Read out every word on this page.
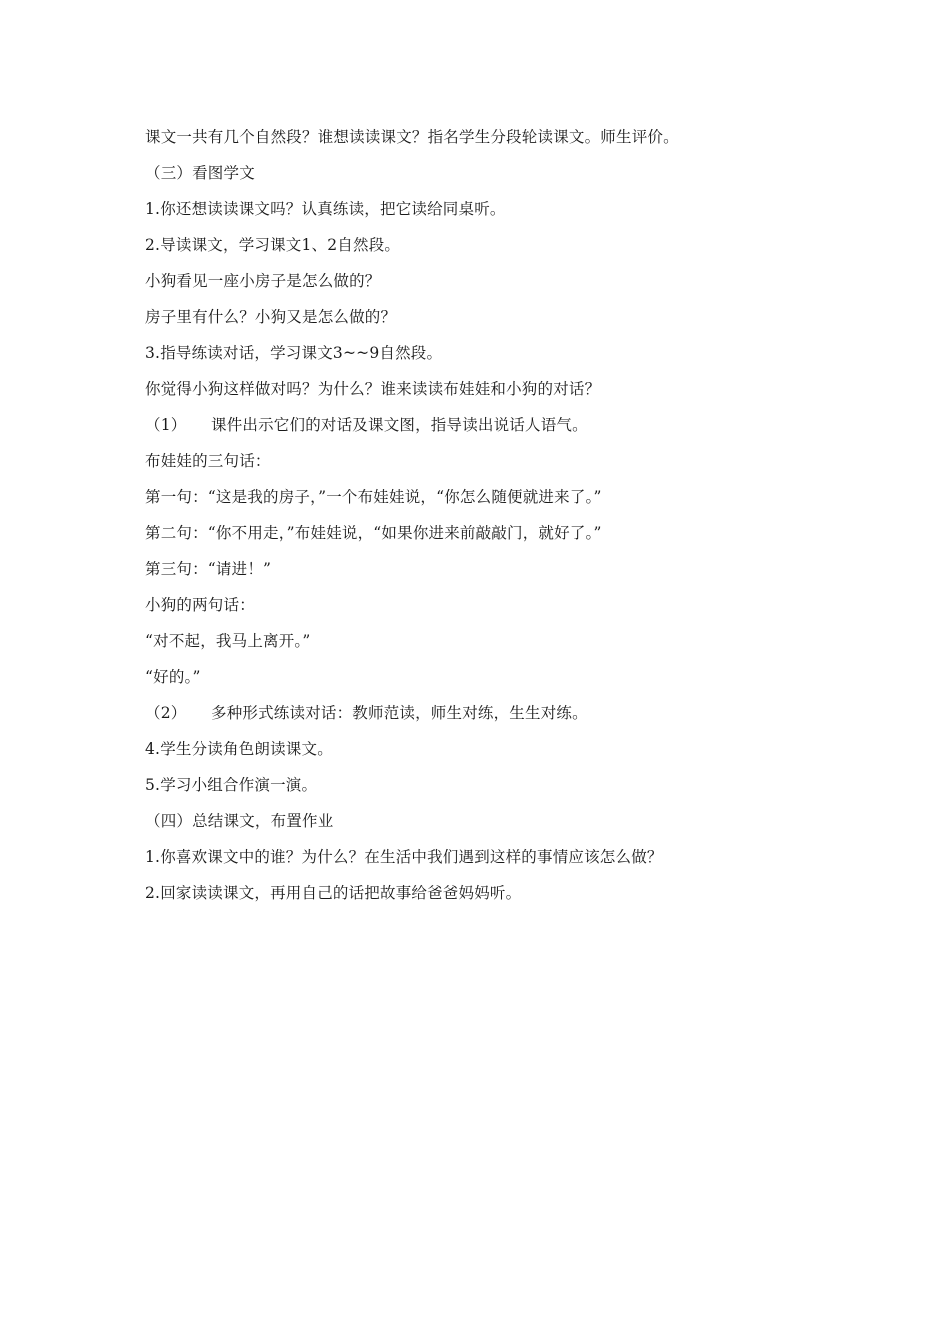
课文一共有几个自然段？谁想读读课文？指名学生分段轮读课文。师生评价。
（三）看图学文
1.你还想读读课文吗？认真练读，把它读给同桌听。
2.导读课文，学习课文1、2自然段。
小狗看见一座小房子是怎么做的？
房子里有什么？小狗又是怎么做的？
3.指导练读对话，学习课文3~~9自然段。
你觉得小狗这样做对吗？为什么？谁来读读布娃娃和小狗的对话？
（1） 课件出示它们的对话及课文图，指导读出说话人语气。
布娃娃的三句话：
第一句：“这是我的房子，”一个布娃娃说，“你怎么随便就进来了。”
第二句：“你不用走，”布娃娃说，“如果你进来前敲敲门，就好了。”
第三句：“请进！”
小狗的两句话：
“对不起，我马上离开。”
“好的。”
（2） 多种形式练读对话：教师范读，师生对练，生生对练。
4.学生分读角色朗读课文。
5.学习小组合作演一演。
（四）总结课文，布置作业
1.你喜欢课文中的谁？为什么？在生活中我们遇到这样的事情应该怎么做？
2.回家读读课文，再用自己的话把故事给爸爸妈妈听。
